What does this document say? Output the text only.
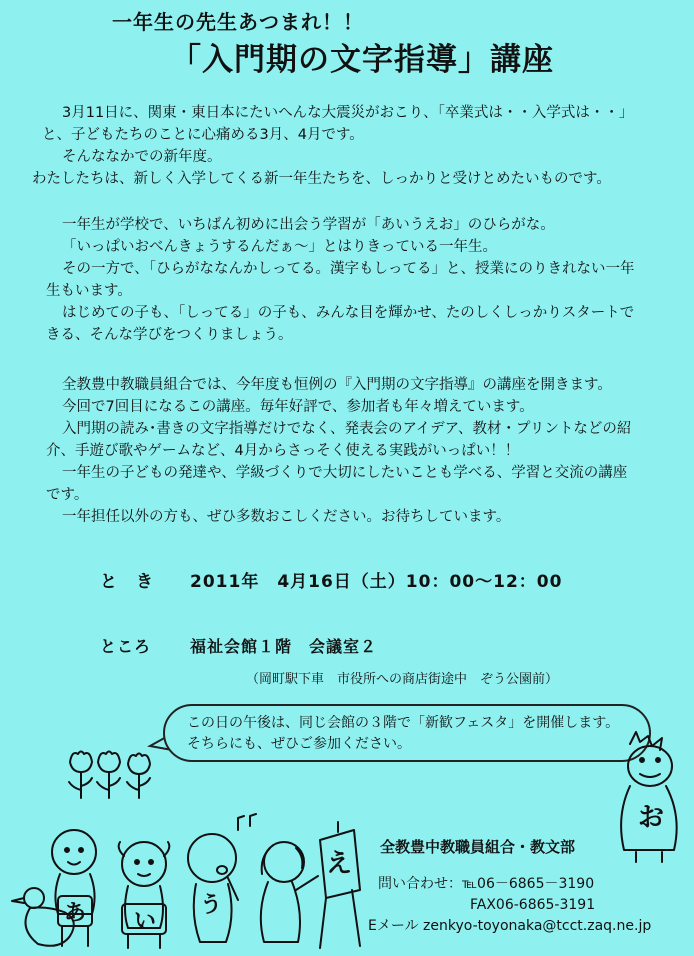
一年生の先生あつまれ！！
「入門期の文字指導」講座
3月11日に、関東・東日本にたいへんな大震災がおこり、「卒業式は・・入学式は・・」
と、子どもたちのことに心痛める3月、4月です。
そんななかでの新年度。
わたしたちは、新しく入学してくる新一年生たちを、しっかりと受けとめたいものです。
一年生が学校で、いちばん初めに出会う学習が「あいうえお」のひらがな。
「いっぱいおべんきょうするんだぁ～」とはりきっている一年生。
その一方で、「ひらがななんかしってる。漢字もしってる」と、授業にのりきれない一年
生もいます。
はじめての子も、「しってる」の子も、みんな目を輝かせ、たのしくしっかりスタートで
きる、そんな学びをつくりましょう。
全教豊中教職員組合では、今年度も恒例の『入門期の文字指導』の講座を開きます。
今回で7回目になるこの講座。毎年好評で、参加者も年々増えています。
入門期の読み･書きの文字指導だけでなく、発表会のアイデア、教材・プリントなどの紹
介、手遊び歌やゲームなど、4月からさっそく使える実践がいっぱい！！
一年生の子どもの発達や、学級づくりで大切にしたいことも学べる、学習と交流の講座
です。
一年担任以外の方も、ぜひ多数おこしください。お待ちしています。
と　き 2011年　4月16日（土）10：00～12：00
ところ 福祉会館１階　会議室２
（岡町駅下車　市役所への商店街途中　ぞう公園前）
この日の午後は、同じ会館の３階で「新歓フェスタ」を開催します。
そちらにも、ぜひご参加ください。
全教豊中教職員組合・教文部
問い合わせ：℡06－6865－3190
FAX06-6865-3191
Eメール zenkyo-toyonaka@tcct.zaq.ne.jp
あ い
う
え
お
